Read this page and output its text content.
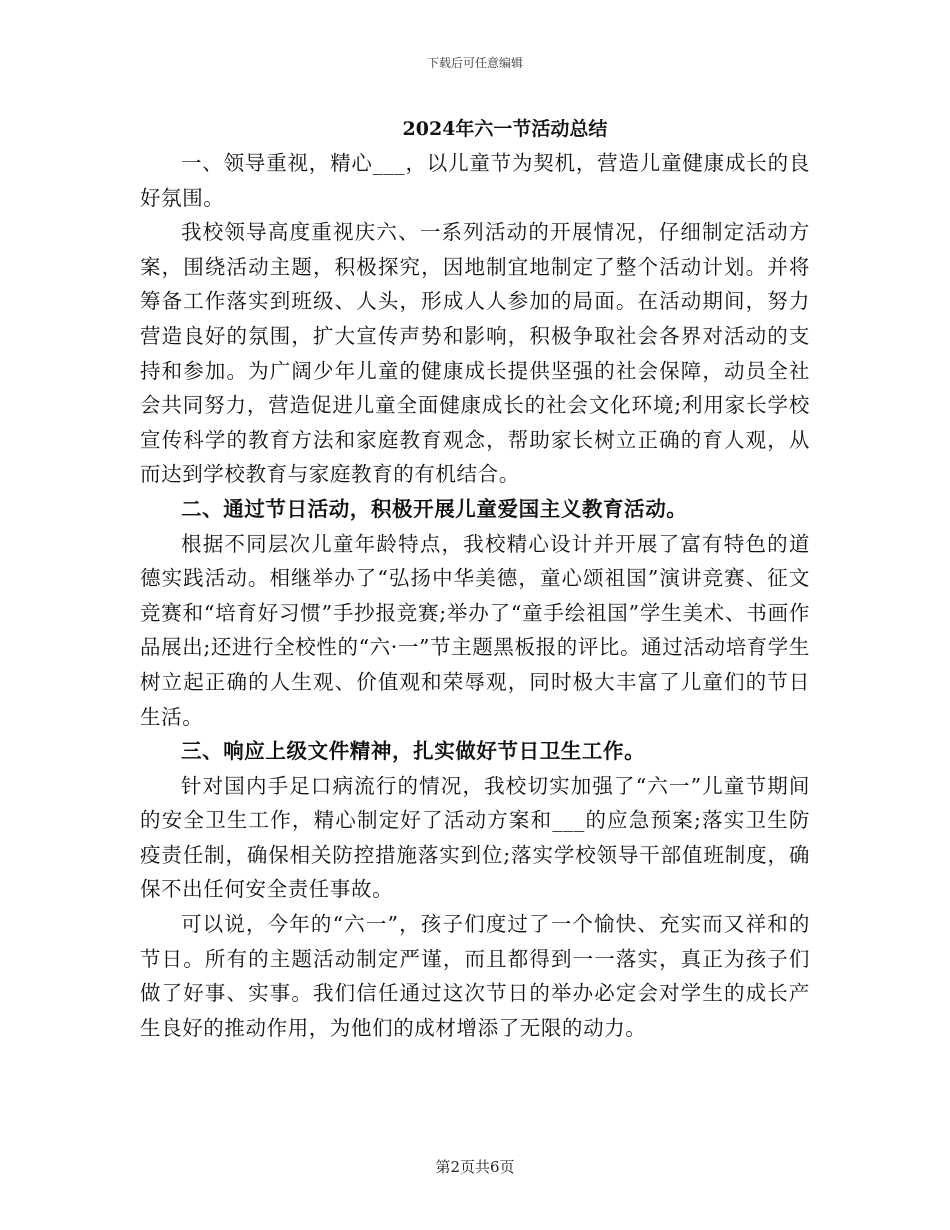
下载后可任意编辑
2024年六一节活动总结

一、领导重视，精心___，以儿童节为契机，营造儿童健康成长的良好氛围。

我校领导高度重视庆六、一系列活动的开展情况，仔细制定活动方案，围绕活动主题，积极探究，因地制宜地制定了整个活动计划。并将筹备工作落实到班级、人头，形成人人参加的局面。在活动期间，努力营造良好的氛围，扩大宣传声势和影响，积极争取社会各界对活动的支持和参加。为广阔少年儿童的健康成长提供坚强的社会保障，动员全社会共同努力，营造促进儿童全面健康成长的社会文化环境;利用家长学校宣传科学的教育方法和家庭教育观念，帮助家长树立正确的育人观，从而达到学校教育与家庭教育的有机结合。

二、通过节日活动，积极开展儿童爱国主义教育活动。

根据不同层次儿童年龄特点，我校精心设计并开展了富有特色的道德实践活动。相继举办了“弘扬中华美德，童心颂祖国”演讲竞赛、征文竞赛和“培育好习惯”手抄报竞赛;举办了“童手绘祖国”学生美术、书画作品展出;还进行全校性的“六·一”节主题黑板报的评比。通过活动培育学生树立起正确的人生观、价值观和荣辱观，同时极大丰富了儿童们的节日生活。

三、响应上级文件精神，扎实做好节日卫生工作。

针对国内手足口病流行的情况，我校切实加强了“六一”儿童节期间的安全卫生工作，精心制定好了活动方案和___的应急预案;落实卫生防疫责任制，确保相关防控措施落实到位;落实学校领导干部值班制度，确保不出任何安全责任事故。

可以说，今年的“六一”，孩子们度过了一个愉快、充实而又祥和的节日。所有的主题活动制定严谨，而且都得到一一落实，真正为孩子们做了好事、实事。我们信任通过这次节日的举办必定会对学生的成长产生良好的推动作用，为他们的成材增添了无限的动力。

第2页共6页
